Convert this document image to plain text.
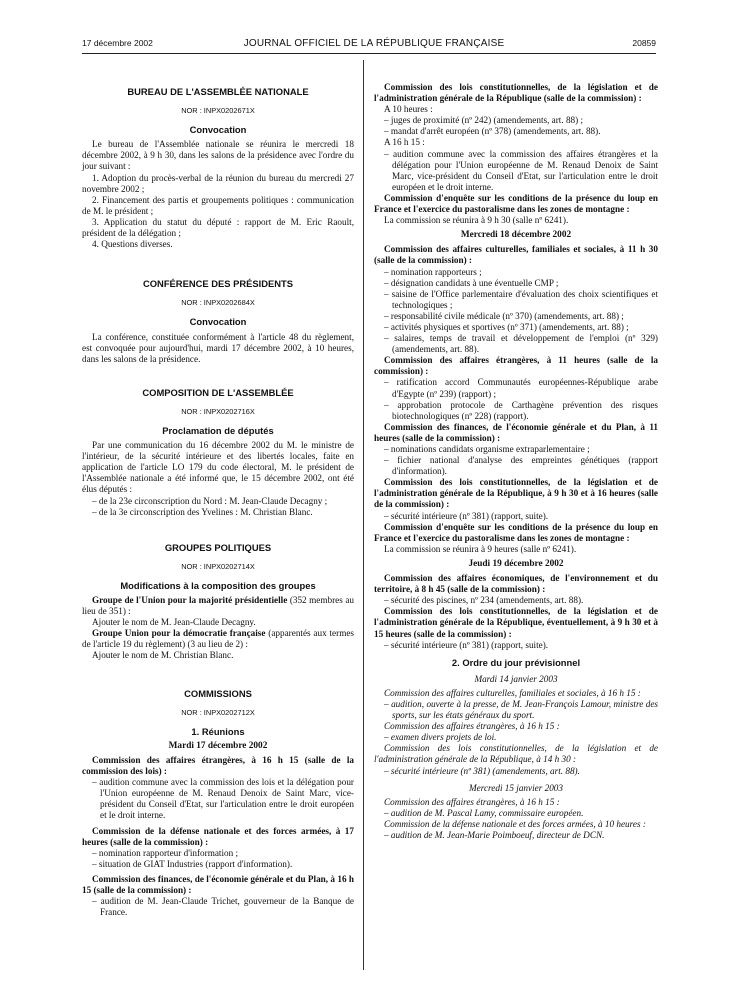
17 décembre 2002	JOURNAL OFFICIEL DE LA RÉPUBLIQUE FRANÇAISE	20859
BUREAU DE L'ASSEMBLÉE NATIONALE
NOR : INPX0202671X
Convocation

Le bureau de l'Assemblée nationale se réunira le mercredi 18 décembre 2002, à 9 h 30, dans les salons de la présidence avec l'ordre du jour suivant :

1. Adoption du procès-verbal de la réunion du bureau du mercredi 27 novembre 2002 ;

2. Financement des partis et groupements politiques : communication de M. le président ;

3. Application du statut du député : rapport de M. Eric Raoult, président de la délégation ;

4. Questions diverses.

CONFÉRENCE DES PRÉSIDENTS
NOR : INPX0202684X
Convocation

La conférence, constituée conformément à l'article 48 du règlement, est convoquée pour aujourd'hui, mardi 17 décembre 2002, à 10 heures, dans les salons de la présidence.

COMPOSITION DE L'ASSEMBLÉE
NOR : INPX0202716X
Proclamation de députés

Par une communication du 16 décembre 2002 du M. le ministre de l'intérieur, de la sécurité intérieure et des libertés locales, faite en application de l'article LO 179 du code électoral, M. le président de l'Assemblée nationale a été informé que, le 15 décembre 2002, ont été élus députés :

– de la 23e circonscription du Nord : M. Jean-Claude Decagny ;

– de la 3e circonscription des Yvelines : M. Christian Blanc.

GROUPES POLITIQUES
NOR : INPX0202714X
Modifications à la composition des groupes

Groupe de l'Union pour la majorité présidentielle (352 membres au lieu de 351) :

Ajouter le nom de M. Jean-Claude Decagny.

Groupe Union pour la démocratie française (apparentés aux termes de l'article 19 du règlement) (3 au lieu de 2) :

Ajouter le nom de M. Christian Blanc.

COMMISSIONS
NOR : INPX0202712X
1. Réunions
Mardi 17 décembre 2002

Commission des affaires étrangères, à 16 h 15 (salle de la commission des lois) :

– audition commune avec la commission des lois et la délégation pour l'Union européenne de M. Renaud Denoix de Saint Marc, vice-président du Conseil d'Etat, sur l'articulation entre le droit européen et le droit interne.

Commission de la défense nationale et des forces armées, à 17 heures (salle de la commission) :

– nomination rapporteur d'information ;

– situation de GIAT Industries (rapport d'information).

Commission des finances, de l'économie générale et du Plan, à 16 h 15 (salle de la commission) :

– audition de M. Jean-Claude Trichet, gouverneur de la Banque de France.

Commission des lois constitutionnelles, de la législation et de l'administration générale de la République (salle de la commission) :

A 10 heures :

– juges de proximité (nº 242) (amendements, art. 88) ;

– mandat d'arrêt européen (nº 378) (amendements, art. 88).

A 16 h 15 :

– audition commune avec la commission des affaires étrangères et la délégation pour l'Union européenne de M. Renaud Denoix de Saint Marc, vice-président du Conseil d'Etat, sur l'articulation entre le droit européen et le droit interne.

Commission d'enquête sur les conditions de la présence du loup en France et l'exercice du pastoralisme dans les zones de montagne :

La commission se réunira à 9 h 30 (salle nº 6241).

Mercredi 18 décembre 2002

Commission des affaires culturelles, familiales et sociales, à 11 h 30 (salle de la commission) :

– nomination rapporteurs ;

– désignation candidats à une éventuelle CMP ;

– saisine de l'Office parlementaire d'évaluation des choix scientifiques et technologiques ;

– responsabilité civile médicale (nº 370) (amendements, art. 88) ;

– activités physiques et sportives (nº 371) (amendements, art. 88) ;

– salaires, temps de travail et développement de l'emploi (nº 329) (amendements, art. 88).

Commission des affaires étrangères, à 11 heures (salle de la commission) :

– ratification accord Communautés européennes-République arabe d'Egypte (nº 239) (rapport) ;

– approbation protocole de Carthagène prévention des risques biotechnologiques (nº 228) (rapport).

Commission des finances, de l'économie générale et du Plan, à 11 heures (salle de la commission) :

– nominations candidats organisme extraparlementaire ;

– fichier national d'analyse des empreintes génétiques (rapport d'information).

Commission des lois constitutionnelles, de la législation et de l'administration générale de la République, à 9 h 30 et à 16 heures (salle de la commission) :

– sécurité intérieure (nº 381) (rapport, suite).

Commission d'enquête sur les conditions de la présence du loup en France et l'exercice du pastoralisme dans les zones de montagne :

La commission se réunira à 9 heures (salle nº 6241).

Jeudi 19 décembre 2002

Commission des affaires économiques, de l'environnement et du territoire, à 8 h 45 (salle de la commission) :

– sécurité des piscines, nº 234 (amendements, art. 88).

Commission des lois constitutionnelles, de la législation et de l'administration générale de la République, éventuellement, à 9 h 30 et à 15 heures (salle de la commission) :

– sécurité intérieure (nº 381) (rapport, suite).

2. Ordre du jour prévisionnel
Mardi 14 janvier 2003

Commission des affaires culturelles, familiales et sociales, à 16 h 15 :

– audition, ouverte à la presse, de M. Jean-François Lamour, ministre des sports, sur les états généraux du sport.

Commission des affaires étrangères, à 16 h 15 :

– examen divers projets de loi.

Commission des lois constitutionnelles, de la législation et de l'administration générale de la République, à 14 h 30 :

– sécurité intérieure (nº 381) (amendements, art. 88).

Mercredi 15 janvier 2003

Commission des affaires étrangères, à 16 h 15 :

– audition de M. Pascal Lamy, commissaire européen.

Commission de la défense nationale et des forces armées, à 10 heures :

– audition de M. Jean-Marie Poimboeuf, directeur de DCN.
